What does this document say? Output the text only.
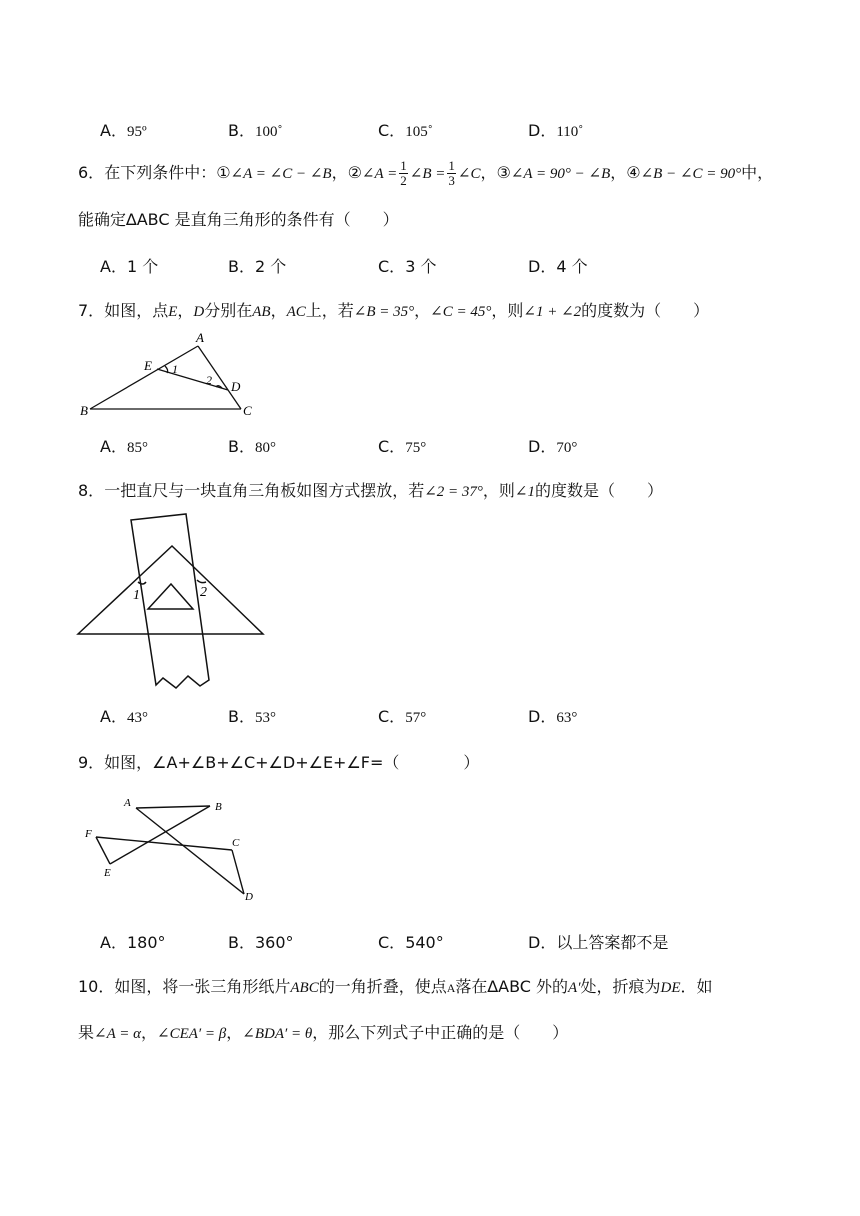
A．95º	B．100˚	C．105˚	D．110˚
6．在下列条件中：①∠A = ∠C − ∠B，②∠A = $\frac{1}{2}$ ∠B = $\frac{1}{3}$ ∠C，③∠A = 90° − ∠B，④∠B − ∠C = 90°中，
能确定∆ABC 是直角三角形的条件有（　　）
A．1 个	B．2 个	C．3 个	D．4 个
7．如图，点E，D分别在AB，AC上，若∠B = 35°，∠C = 45°，则∠1 + ∠2的度数为（　　）
A
B	C
D
E 1
2
A．85°	B．80°	C．75°	D．70°
8．一把直尺与一块直角三角板如图方式摆放，若∠2 = 37°，则∠1的度数是（　　）
1	2
A．43°	B．53°	C．57°	D．63°
9．如图，∠A+∠B+∠C+∠D+∠E+∠F=（　　　　）
A	B
C
D
E
F
A．180°	B．360°	C．540°	D．以上答案都不是
10．如图，将一张三角形纸片ABC的一角折叠，使点A落在∆ABC 外的A′处，折痕为DE．如
果∠A = α，∠CEA′ = β，∠BDA′ = θ，那么下列式子中正确的是（　　）
